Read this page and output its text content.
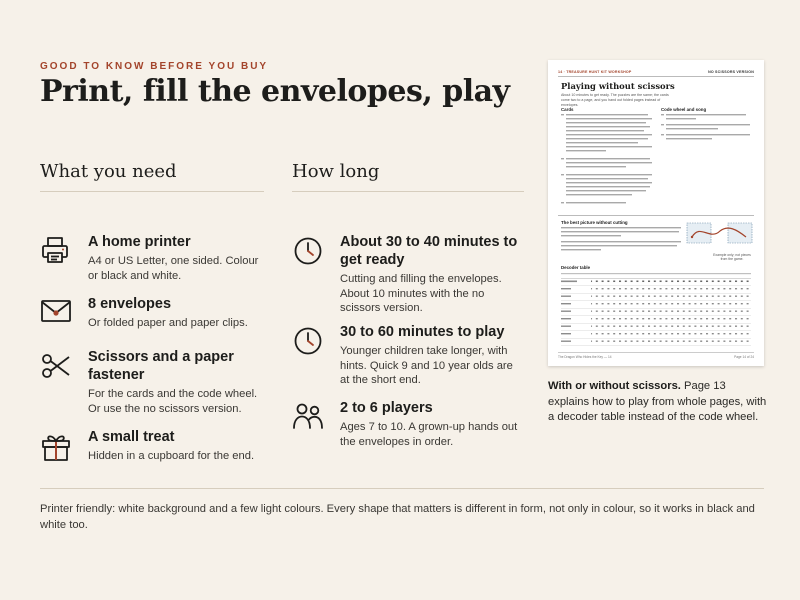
GOOD TO KNOW BEFORE YOU BUY
Print, fill the envelopes, play
What you need
A home printer
A4 or US Letter, one sided. Colour or black and white.
8 envelopes
Or folded paper and paper clips.
Scissors and a paper fastener
For the cards and the code wheel. Or use the no scissors version.
A small treat
Hidden in a cupboard for the end.
How long
About 30 to 40 minutes to get ready
Cutting and filling the envelopes. About 10 minutes with the no scissors version.
30 to 60 minutes to play
Younger children take longer, with hints. Quick 9 and 10 year olds are at the short end.
2 to 6 players
Ages 7 to 10. A grown-up hands out the envelopes in order.
14 · TREASURE HUNT KIT WORKSHOP	NO SCISSORS VERSION
Playing without scissors
About 10 minutes to get ready. The puzzles are the same; the cards come two to a page, and you hand out folded pages instead of envelopes.
Cards	Code wheel and song
The best picture without cutting
Example only; not pieces from the game.
Decoder table
The Dragon Who Hides the Key — 14	Page 14 of 24

With or without scissors. Page 13 explains how to play from whole pages, with a decoder table instead of the code wheel.

Printer friendly: white background and a few light colours. Every shape that matters is different in form, not only in colour, so it works in black and white too.
